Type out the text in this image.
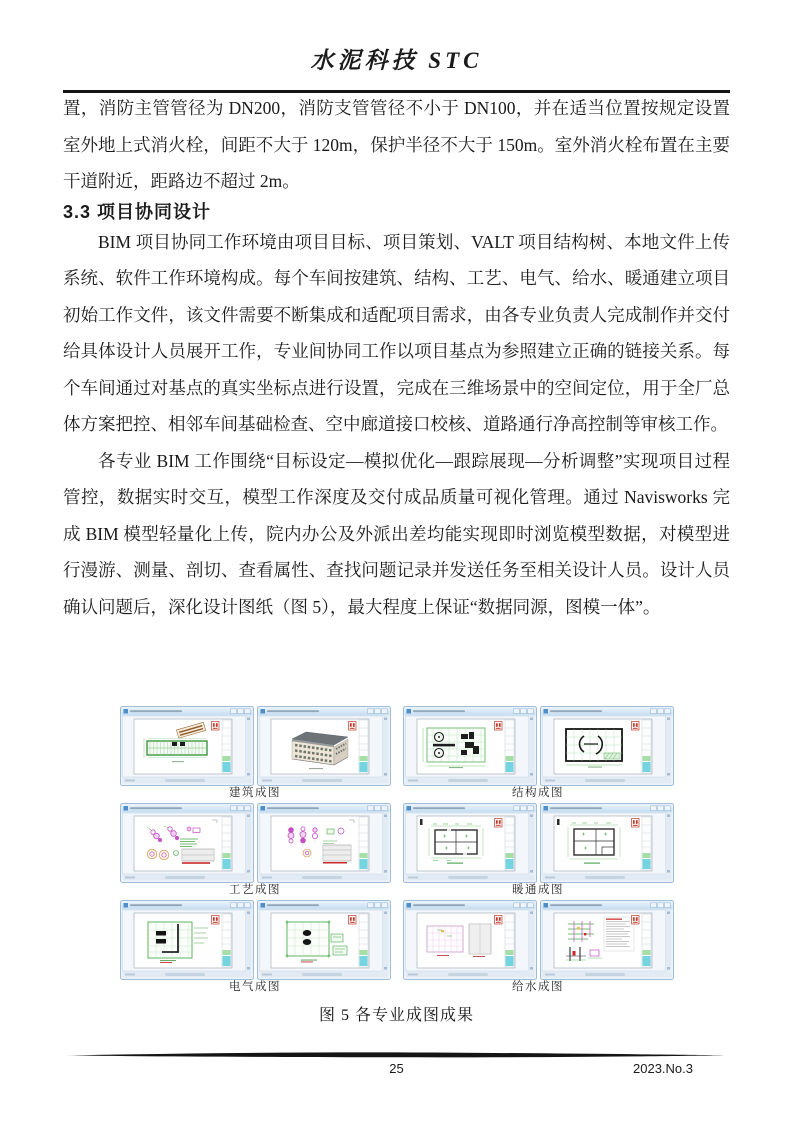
水泥科技 STC

置，消防主管管径为 DN200，消防支管管径不小于 DN100，并在适当位置按规定设置室外地上式消火栓，间距不大于 120m，保护半径不大于 150m。室外消火栓布置在主要干道附近，距路边不超过 2m。

3.3 项目协同设计

BIM 项目协同工作环境由项目目标、项目策划、VALT 项目结构树、本地文件上传系统、软件工作环境构成。每个车间按建筑、结构、工艺、电气、给水、暖通建立项目初始工作文件，该文件需要不断集成和适配项目需求，由各专业负责人完成制作并交付给具体设计人员展开工作，专业间协同工作以项目基点为参照建立正确的链接关系。每个车间通过对基点的真实坐标点进行设置，完成在三维场景中的空间定位，用于全厂总体方案把控、相邻车间基础检查、空中廊道接口校核、道路通行净高控制等审核工作。

各专业 BIM 工作围绕“目标设定—模拟优化—跟踪展现—分析调整”实现项目过程管控，数据实时交互，模型工作深度及交付成品质量可视化管理。通过 Navisworks 完成 BIM 模型轻量化上传，院内办公及外派出差均能实现即时浏览模型数据，对模型进行漫游、测量、剖切、查看属性、查找问题记录并发送任务至相关设计人员。设计人员确认问题后，深化设计图纸（图 5），最大程度上保证“数据同源，图模一体”。

建筑成图	结构成图
工艺成图	暖通成图
电气成图	给水成图
图 5 各专业成图成果
25	2023.No.3
